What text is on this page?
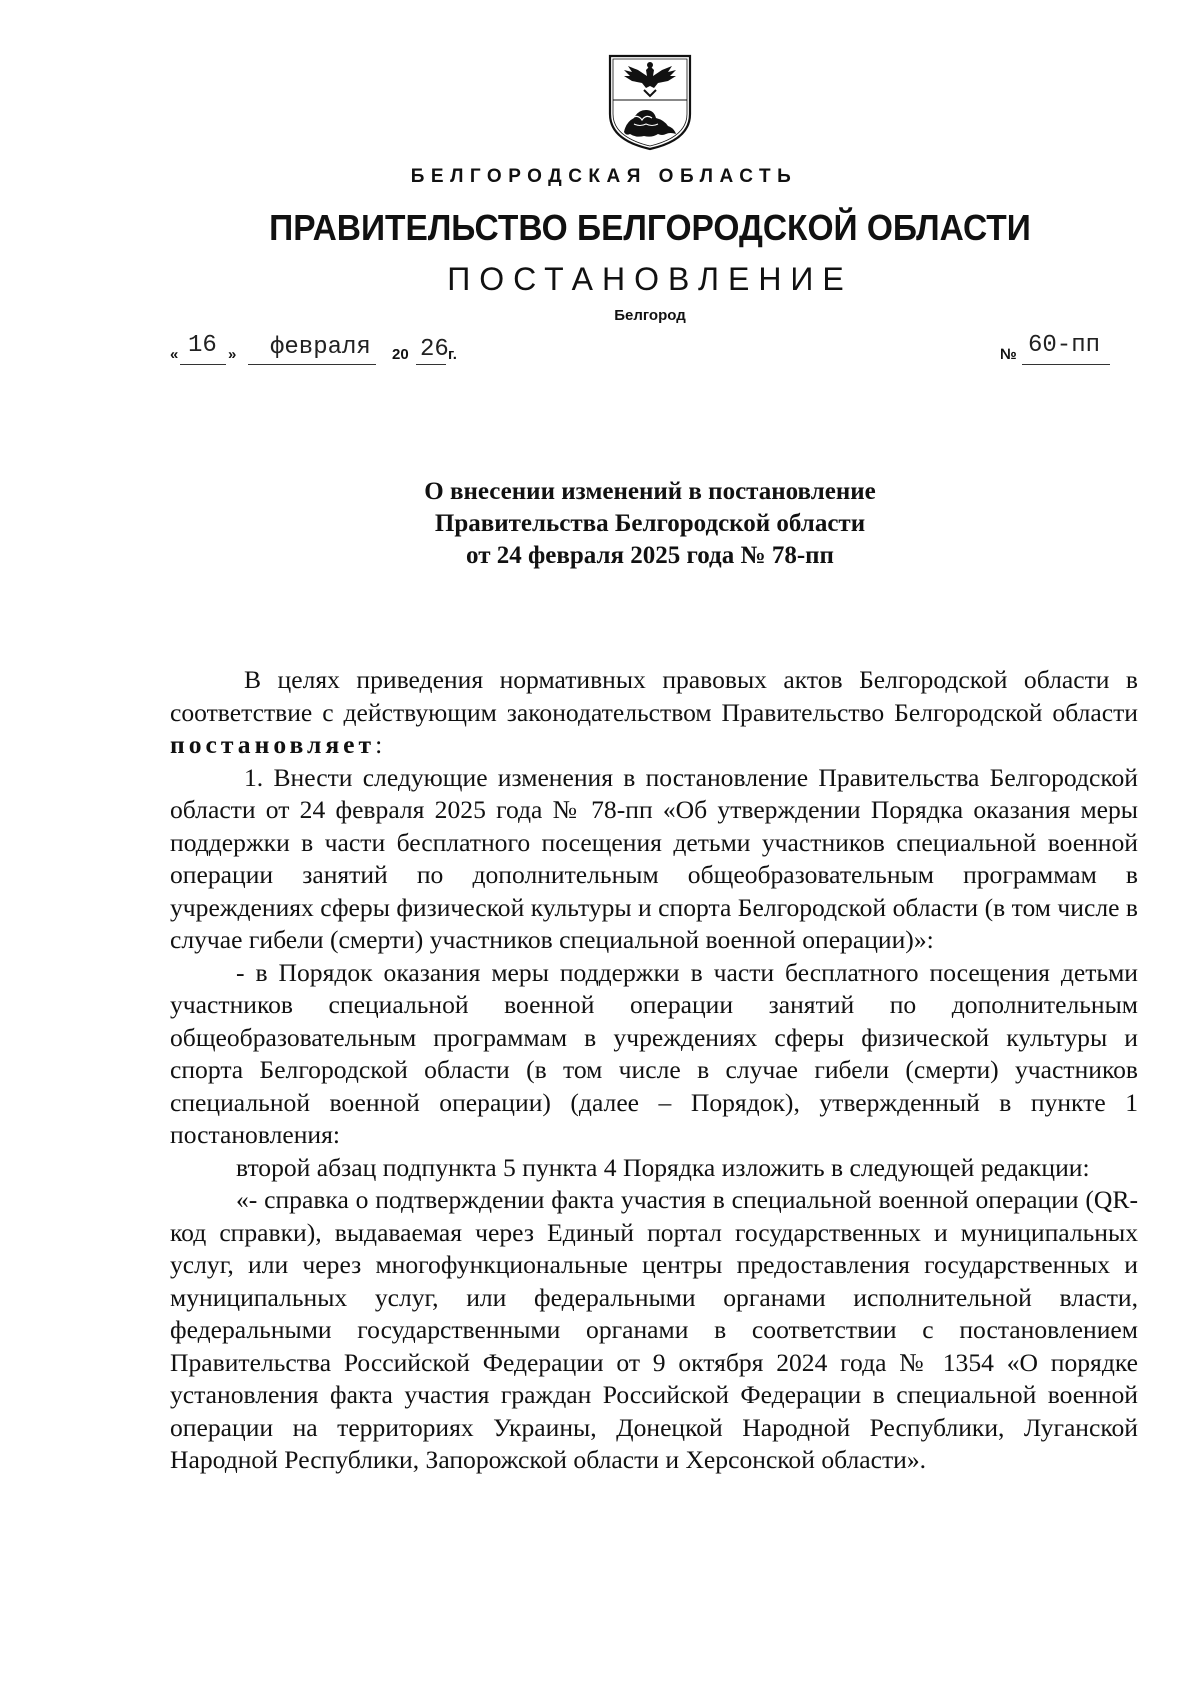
БЕЛГОРОДСКАЯ ОБЛАСТЬ
ПРАВИТЕЛЬСТВО БЕЛГОРОДСКОЙ ОБЛАСТИ
ПОСТАНОВЛЕНИЕ
Белгород
« 16 » февраля 20 26 г.	№ 60-пп
О внесении изменений в постановление
Правительства Белгородской области
от 24 февраля 2025 года № 78-пп

В целях приведения нормативных правовых актов Белгородской области в соответствие с действующим законодательством Правительство Белгородской области постановляет:

1. Внести следующие изменения в постановление Правительства Белгородской области от 24 февраля 2025 года № 78-пп «Об утверждении Порядка оказания меры поддержки в части бесплатного посещения детьми участников специальной военной операции занятий по дополнительным общеобразовательным программам в учреждениях сферы физической культуры и спорта Белгородской области (в том числе в случае гибели (смерти) участников специальной военной операции)»:

- в Порядок оказания меры поддержки в части бесплатного посещения детьми участников специальной военной операции занятий по дополнительным общеобразовательным программам в учреждениях сферы физической культуры и спорта Белгородской области (в том числе в случае гибели (смерти) участников специальной военной операции) (далее – Порядок), утвержденный в пункте 1 постановления:

второй абзац подпункта 5 пункта 4 Порядка изложить в следующей редакции:

«- справка о подтверждении факта участия в специальной военной операции (QR-код справки), выдаваемая через Единый портал государственных и муниципальных услуг, или через многофункциональные центры предоставления государственных и муниципальных услуг, или федеральными органами исполнительной власти, федеральными государственными органами в соответствии с постановлением Правительства Российской Федерации от 9 октября 2024 года № 1354 «О порядке установления факта участия граждан Российской Федерации в специальной военной операции на территориях Украины, Донецкой Народной Республики, Луганской Народной Республики, Запорожской области и Херсонской области».
